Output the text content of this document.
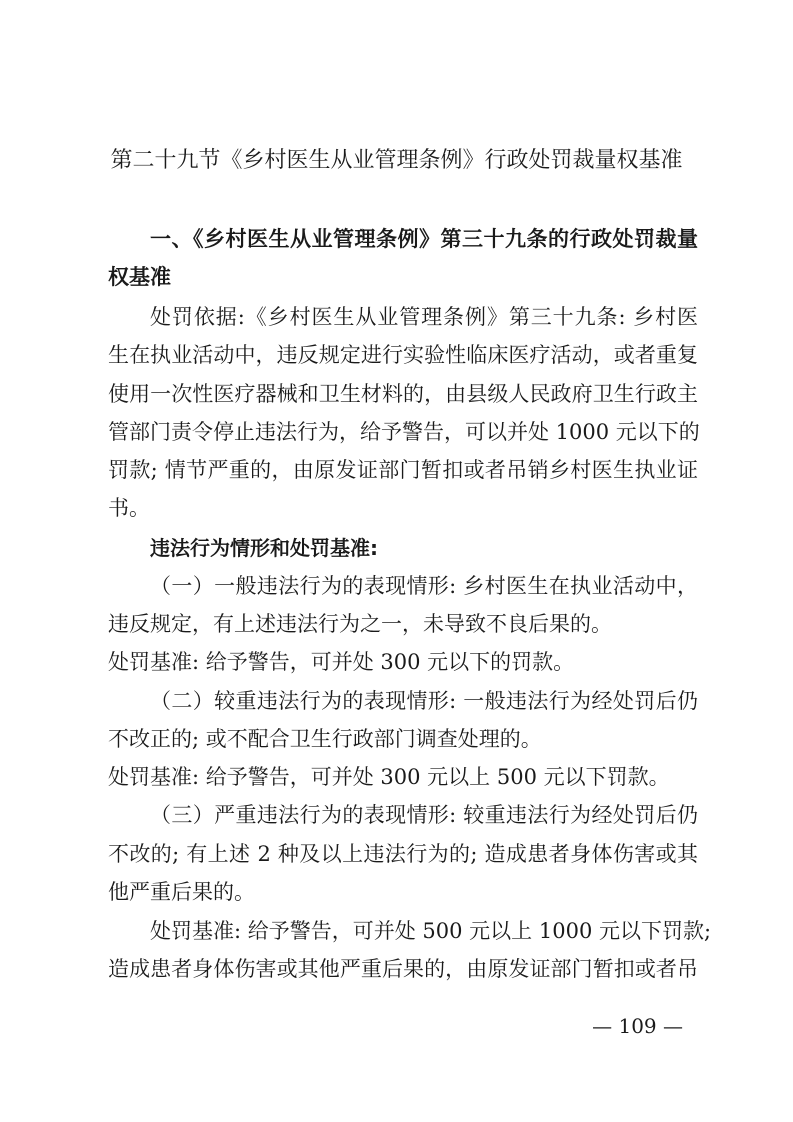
第二十九节《乡村医生从业管理条例》行政处罚裁量权基准
一、《乡村医生从业管理条例》第三十九条的行政处罚裁量
权基准
处罚依据:《乡村医生从业管理条例》第三十九条: 乡村医
生在执业活动中，违反规定进行实验性临床医疗活动，或者重复
使用一次性医疗器械和卫生材料的，由县级人民政府卫生行政主
管部门责令停止违法行为，给予警告，可以并处 1000 元以下的
罚款; 情节严重的，由原发证部门暂扣或者吊销乡村医生执业证
书。
违法行为情形和处罚基准:
（一）一般违法行为的表现情形: 乡村医生在执业活动中，
违反规定，有上述违法行为之一，未导致不良后果的。
处罚基准: 给予警告，可并处 300 元以下的罚款。
（二）较重违法行为的表现情形: 一般违法行为经处罚后仍
不改正的; 或不配合卫生行政部门调查处理的。
处罚基准: 给予警告，可并处 300 元以上 500 元以下罚款。
（三）严重违法行为的表现情形: 较重违法行为经处罚后仍
不改的; 有上述 2 种及以上违法行为的; 造成患者身体伤害或其
他严重后果的。
处罚基准: 给予警告，可并处 500 元以上 1000 元以下罚款;
造成患者身体伤害或其他严重后果的，由原发证部门暂扣或者吊
— 109 —
